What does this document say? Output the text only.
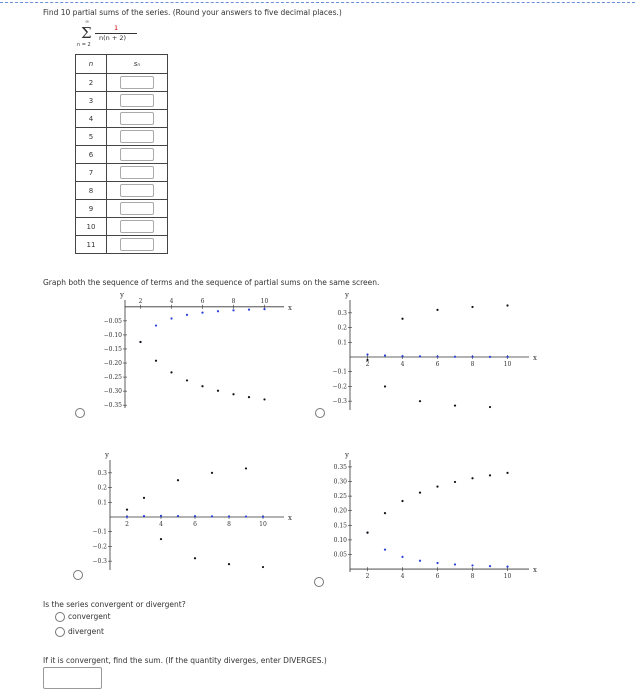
Find 10 partial sums of the series. (Round your answers to five decimal places.)
∞
Σ
n = 2
1
n(n + 2)
n	sₙ
2	
3	
4	
5	
6	
7	
8	
9	
10	
11	
Graph both the sequence of terms and the sequence of partial sums on the same screen.
y
x
2	4	6	8	10
−0.05
−0.10
−0.15
−0.20
−0.25
−0.30
−0.35
y
x
2	4	6	8	10
0.3
0.2
0.1
−0.1
−0.2
−0.3
y
x
2	4	6	8	10
0.3
0.2
0.1
−0.1
−0.2
−0.3
y
x
2	4	6	8	10
0.35
0.30
0.25
0.20
0.15
0.10
0.05
Is the series convergent or divergent?
convergent
divergent
If it is convergent, find the sum. (If the quantity diverges, enter DIVERGES.)
